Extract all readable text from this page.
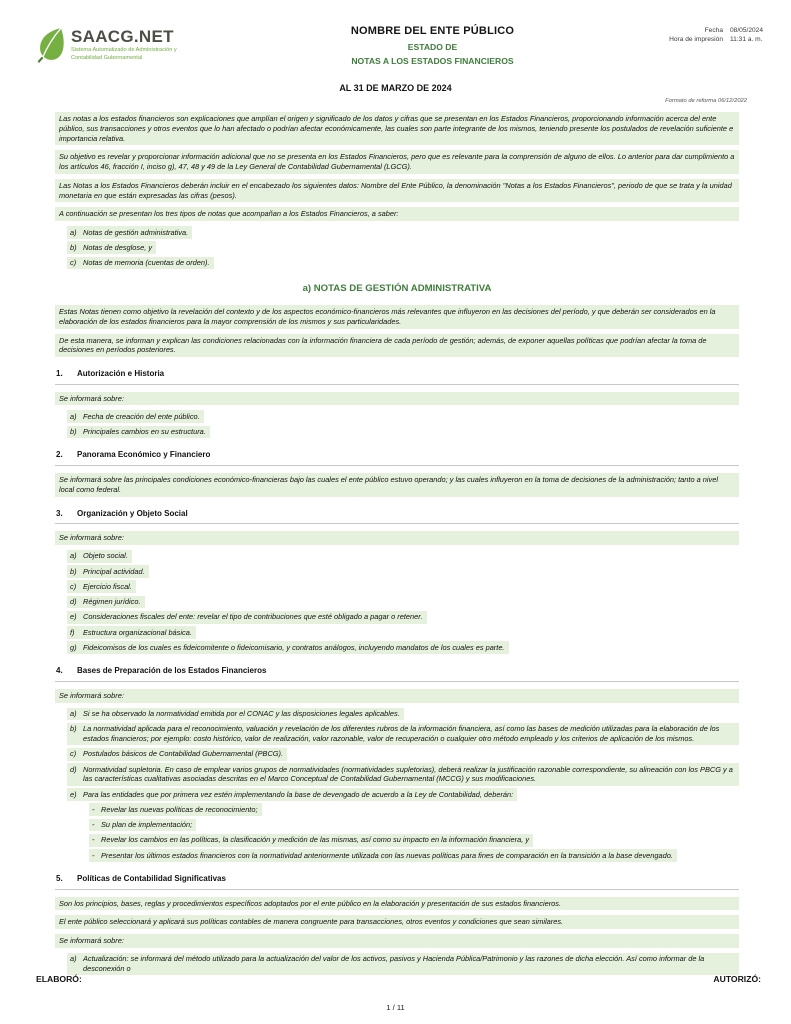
SAACG.NET
Sistema Automatizado de Administración y
Contabilidad Gubernamental
NOMBRE DEL ENTE PÚBLICO
ESTADO DE
NOTAS A LOS ESTADOS FINANCIEROS
Fecha 08/05/2024
Hora de impresión 11:31 a. m.
AL 31 DE MARZO DE 2024
Formato de reforma 06/12/2022

Las notas a los estados financieros son explicaciones que amplían el origen y significado de los datos y cifras que se presentan en los Estados Financieros, proporcionando información acerca del ente público, sus transacciones y otros eventos que lo han afectado o podrían afectar económicamente, las cuales son parte integrante de los mismos, teniendo presente los postulados de revelación suficiente e importancia relativa.

Su objetivo es revelar y proporcionar información adicional que no se presenta en los Estados Financieros, pero que es relevante para la comprensión de alguno de ellos. Lo anterior para dar cumplimiento a los artículos 46, fracción I, inciso g), 47, 48 y 49 de la Ley General de Contabilidad Gubernamental (LGCG).

Las Notas a los Estados Financieros deberán incluir en el encabezado los siguientes datos: Nombre del Ente Público, la denominación "Notas a los Estados Financieros", periodo de que se trata y la unidad monetaria en que están expresadas las cifras (pesos).

A continuación se presentan los tres tipos de notas que acompañan a los Estados Financieros, a saber:

a) Notas de gestión administrativa.
b) Notas de desglose, y
c) Notas de memoria (cuentas de orden).
a) NOTAS DE GESTIÓN ADMINISTRATIVA

Estas Notas tienen como objetivo la revelación del contexto y de los aspectos económico-financieros más relevantes que influyeron en las decisiones del período, y que deberán ser considerados en la elaboración de los estados financieros para la mayor comprensión de los mismos y sus particularidades.

De esta manera, se informan y explican las condiciones relacionadas con la información financiera de cada período de gestión; además, de exponer aquellas políticas que podrían afectar la toma de decisiones en períodos posteriores.

1.	Autorización e Historia

Se informará sobre:

a) Fecha de creación del ente público.
b) Principales cambios en su estructura.
2.	Panorama Económico y Financiero

Se informará sobre las principales condiciones económico-financieras bajo las cuales el ente público estuvo operando; y las cuales influyeron en la toma de decisiones de la administración; tanto a nivel local como federal.

3.	Organización y Objeto Social

Se informará sobre:

a) Objeto social.
b) Principal actividad.
c) Ejercicio fiscal.
d) Régimen jurídico.
e) Consideraciones fiscales del ente: revelar el tipo de contribuciones que esté obligado a pagar o retener.
f)	Estructura organizacional básica.
g) Fideicomisos de los cuales es fideicomitente o fideicomisario, y contratos análogos, incluyendo mandatos de los cuales es parte.
4.	Bases de Preparación de los Estados Financieros

Se informará sobre:

a) Si se ha observado la normatividad emitida por el CONAC y las disposiciones legales aplicables.
b) La normatividad aplicada para el reconocimiento, valuación y revelación de los diferentes rubros de la información financiera, así como las bases de medición utilizadas para la elaboración de los estados financieros; por ejemplo: costo histórico, valor de realización, valor razonable, valor de recuperación o cualquier otro método empleado y los criterios de aplicación de los mismos.
c) Postulados básicos de Contabilidad Gubernamental (PBCG).
d) Normatividad supletoria. En caso de emplear varios grupos de normatividades (normatividades supletorias), deberá realizar la justificación razonable correspondiente, su alineación con los PBCG y a las características cualitativas asociadas descritas en el Marco Conceptual de Contabilidad Gubernamental (MCCG) y sus modificaciones.
e) Para las entidades que por primera vez estén implementando la base de devengado de acuerdo a la Ley de Contabilidad, deberán:
- Revelar las nuevas políticas de reconocimiento;
- Su plan de implementación;
- Revelar los cambios en las políticas, la clasificación y medición de las mismas, así como su impacto en la información financiera, y
- Presentar los últimos estados financieros con la normatividad anteriormente utilizada con las nuevas políticas para fines de comparación en la transición a la base devengado.
5.	Políticas de Contabilidad Significativas

Son los principios, bases, reglas y procedimientos específicos adoptados por el ente público en la elaboración y presentación de sus estados financieros.

El ente público seleccionará y aplicará sus políticas contables de manera congruente para transacciones, otros eventos y condiciones que sean similares.

Se informará sobre:

a) Actualización: se informará del método utilizado para la actualización del valor de los activos, pasivos y Hacienda Pública/Patrimonio y las razones de dicha elección. Así como informar de la desconexión o
ELABORÓ:	AUTORIZÓ:
1 / 11
